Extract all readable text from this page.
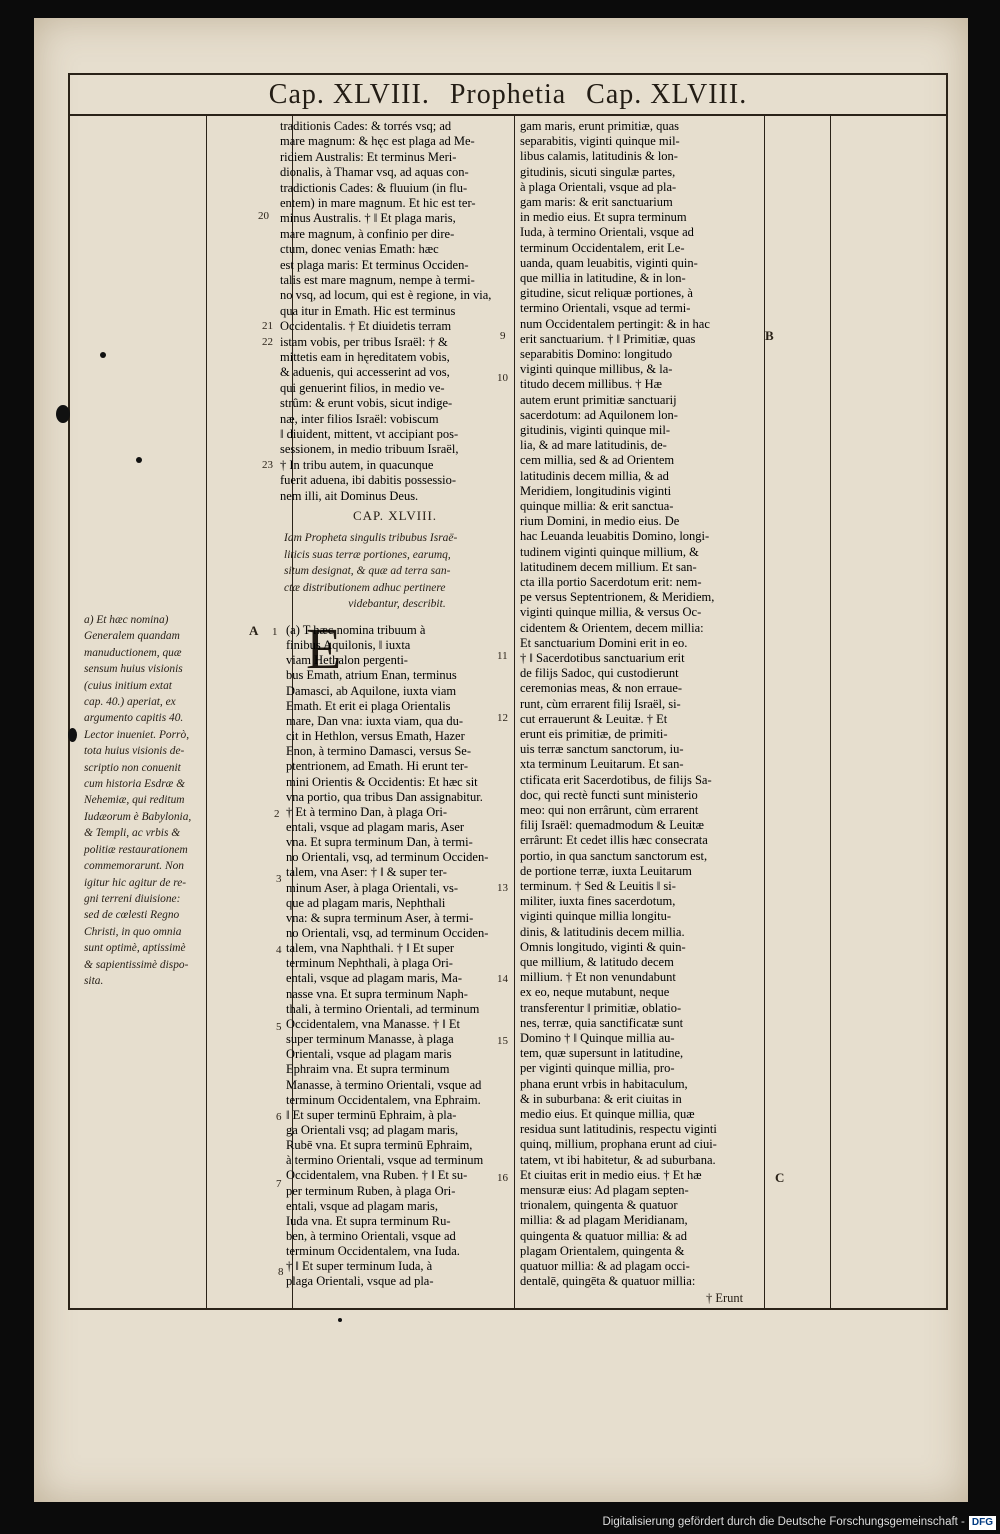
Cap. XLVIII. Prophetia Cap. XLVIII.
A
B
C
a) Et hæc nomina)
Generalem quandam
manuductionem, quæ
sensum huius visionis
(cuius initium extat
cap. 40.) aperiat, ex
argumento capitis 40.
Lector inueniet. Porrò,
tota huius visionis de-
scriptio non conuenit
cum historia Esdræ &
Nehemiæ, qui reditum
Iudæorum è Babylonia,
& Templi, ac vrbis &
politiæ restaurationem
commemorarunt. Non
igitur hic agitur de re-
gni terreni diuisione:
sed de cœlesti Regno
Christi, in quo omnia
sunt optimè, aptissimè
& sapientissimè dispo-
sita.
traditionis Cades: & torrés vsq; ad
mare magnum: & hęc est plaga ad Me-
ridiem Australis: Et terminus Meri-
dionalis, à Thamar vsq, ad aquas con-
tradictionis Cades: & fluuium (in flu-
entem) in mare magnum. Et hic est ter-
minus Australis. † ‖ Et plaga maris,
mare magnum, à confinio per dire-
ctum, donec venias Emath: hæc
est plaga maris: Et terminus Occiden-
talis est mare magnum, nempe à termi-
no vsq, ad locum, qui est è regione, in via,
qua itur in Emath. Hic est terminus
Occidentalis. † Et diuidetis terram
istam vobis, per tribus Israël: † &
mittetis eam in hęreditatem vobis,
& aduenis, qui accesserint ad vos,
qui genuerint filios, in medio ve-
strûm: & erunt vobis, sicut indige-
næ, inter filios Israël: vobiscum
‖ diuident, mittent, vt accipiant pos-
sessionem, in medio tribuum Israël,
† In tribu autem, in quacunque
fuerit aduena, ibi dabitis possessio-
nem illi, ait Dominus Deus.
CAP. XLVIII.
Iam Propheta singulis tribubus Israë-
liticis suas terræ portiones, earumq,
situm designat, & quæ ad terra san-
ctæ distributionem adhuc pertinere
videbantur, describit.
E
(a) T hæc nomina tribuum à
finibus Aquilonis, ‖ iuxta
viam Hethalon pergenti-
bus Emath, atrium Enan, terminus
Damasci, ab Aquilone, iuxta viam
Emath. Et erit ei plaga Orientalis
mare, Dan vna: iuxta viam, qua du-
cit in Hethlon, versus Emath, Hazer
Enon, à termino Damasci, versus Se-
ptentrionem, ad Emath. Hi erunt ter-
mini Orientis & Occidentis: Et hæc sit
vna portio, qua tribus Dan assignabitur.
† Et à termino Dan, à plaga Ori-
entali, vsque ad plagam maris, Aser
vna. Et supra terminum Dan, à termi-
no Orientali, vsq, ad terminum Occiden-
talem, vna Aser: † ‖ & super ter-
minum Aser, à plaga Orientali, vs-
que ad plagam maris, Nephthali
vna: & supra terminum Aser, à termi-
no Orientali, vsq, ad terminum Occiden-
talem, vna Naphthali. † ‖ Et super
terminum Nephthali, à plaga Ori-
entali, vsque ad plagam maris, Ma-
nasse vna. Et supra terminum Naph-
thali, à termino Orientali, ad terminum
Occidentalem, vna Manasse. † ‖ Et
super terminum Manasse, à plaga
Orientali, vsque ad plagam maris
Ephraim vna. Et supra terminum
Manasse, à termino Orientali, vsque ad
terminum Occidentalem, vna Ephraim.
‖ Et super terminū Ephraim, à pla-
ga Orientali vsq; ad plagam maris,
Rubē vna. Et supra terminū Ephraim,
à termino Orientali, vsque ad terminum
Occidentalem, vna Ruben. † ‖ Et su-
per terminum Ruben, à plaga Ori-
entali, vsque ad plagam maris,
Iuda vna. Et supra terminum Ru-
ben, à termino Orientali, vsque ad
terminum Occidentalem, vna Iuda.
† ‖ Et super terminum Iuda, à
plaga Orientali, vsque ad pla-
gam maris, erunt primitiæ, quas
separabitis, viginti quinque mil-
libus calamis, latitudinis & lon-
gitudinis, sicuti singulæ partes,
à plaga Orientali, vsque ad pla-
gam maris: & erit sanctuarium
in medio eius. Et supra terminum
Iuda, à termino Orientali, vsque ad
terminum Occidentalem, erit Le-
uanda, quam leuabitis, viginti quin-
que millia in latitudine, & in lon-
gitudine, sicut reliquæ portiones, à
termino Orientali, vsque ad termi-
num Occidentalem pertingit: & in hac
erit sanctuarium. † ‖ Primitiæ, quas
separabitis Domino: longitudo
viginti quinque millibus, & la-
titudo decem millibus. † Hæ
autem erunt primitiæ sanctuarij
sacerdotum: ad Aquilonem lon-
gitudinis, viginti quinque mil-
lia, & ad mare latitudinis, de-
cem millia, sed & ad Orientem
latitudinis decem millia, & ad
Meridiem, longitudinis viginti
quinque millia: & erit sanctua-
rium Domini, in medio eius. De
hac Leuanda leuabitis Domino, longi-
tudinem viginti quinque millium, &
latitudinem decem millium. Et san-
cta illa portio Sacerdotum erit: nem-
pe versus Septentrionem, & Meridiem,
viginti quinque millia, & versus Oc-
cidentem & Orientem, decem millia:
Et sanctuarium Domini erit in eo.
† ‖ Sacerdotibus sanctuarium erit
de filijs Sadoc, qui custodierunt
ceremonias meas, & non erraue-
runt, cùm errarent filij Israël, si-
cut errauerunt & Leuitæ. † Et
erunt eis primitiæ, de primiti-
uis terræ sanctum sanctorum, iu-
xta terminum Leuitarum. Et san-
ctificata erit Sacerdotibus, de filijs Sa-
doc, qui rectè functi sunt ministerio
meo: qui non errârunt, cùm errarent
filij Israël: quemadmodum & Leuitæ
errârunt: Et cedet illis hæc consecrata
portio, in qua sanctum sanctorum est,
de portione terræ, iuxta Leuitarum
terminum. † Sed & Leuitis ‖ si-
militer, iuxta fines sacerdotum,
viginti quinque millia longitu-
dinis, & latitudinis decem millia.
Omnis longitudo, viginti & quin-
que millium, & latitudo decem
millium. † Et non venundabunt
ex eo, neque mutabunt, neque
transferentur ‖ primitiæ, oblatio-
nes, terræ, quia sanctificatæ sunt
Domino † ‖ Quinque millia au-
tem, quæ supersunt in latitudine,
per viginti quinque millia, pro-
phana erunt vrbis in habitaculum,
& in suburbana: & erit ciuitas in
medio eius. Et quinque millia, quæ
residua sunt latitudinis, respectu viginti
quinq, millium, prophana erunt ad ciui-
tatem, vt ibi habitetur, & ad suburbana.
Et ciuitas erit in medio eius. † Et hæ
mensuræ eius: Ad plagam septen-
trionalem, quingenta & quatuor
millia: & ad plagam Meridianam,
quingenta & quatuor millia: & ad
plagam Orientalem, quingenta &
quatuor millia: & ad plagam occi-
dentalē, quingēta & quatuor millia:
† Erunt
20
21
22
23
1
2
3
4
5
6
7
8
9
10
11
12
13
14
15
16
Digitalisierung gefördert durch die Deutsche Forschungsgemeinschaft - DFG
